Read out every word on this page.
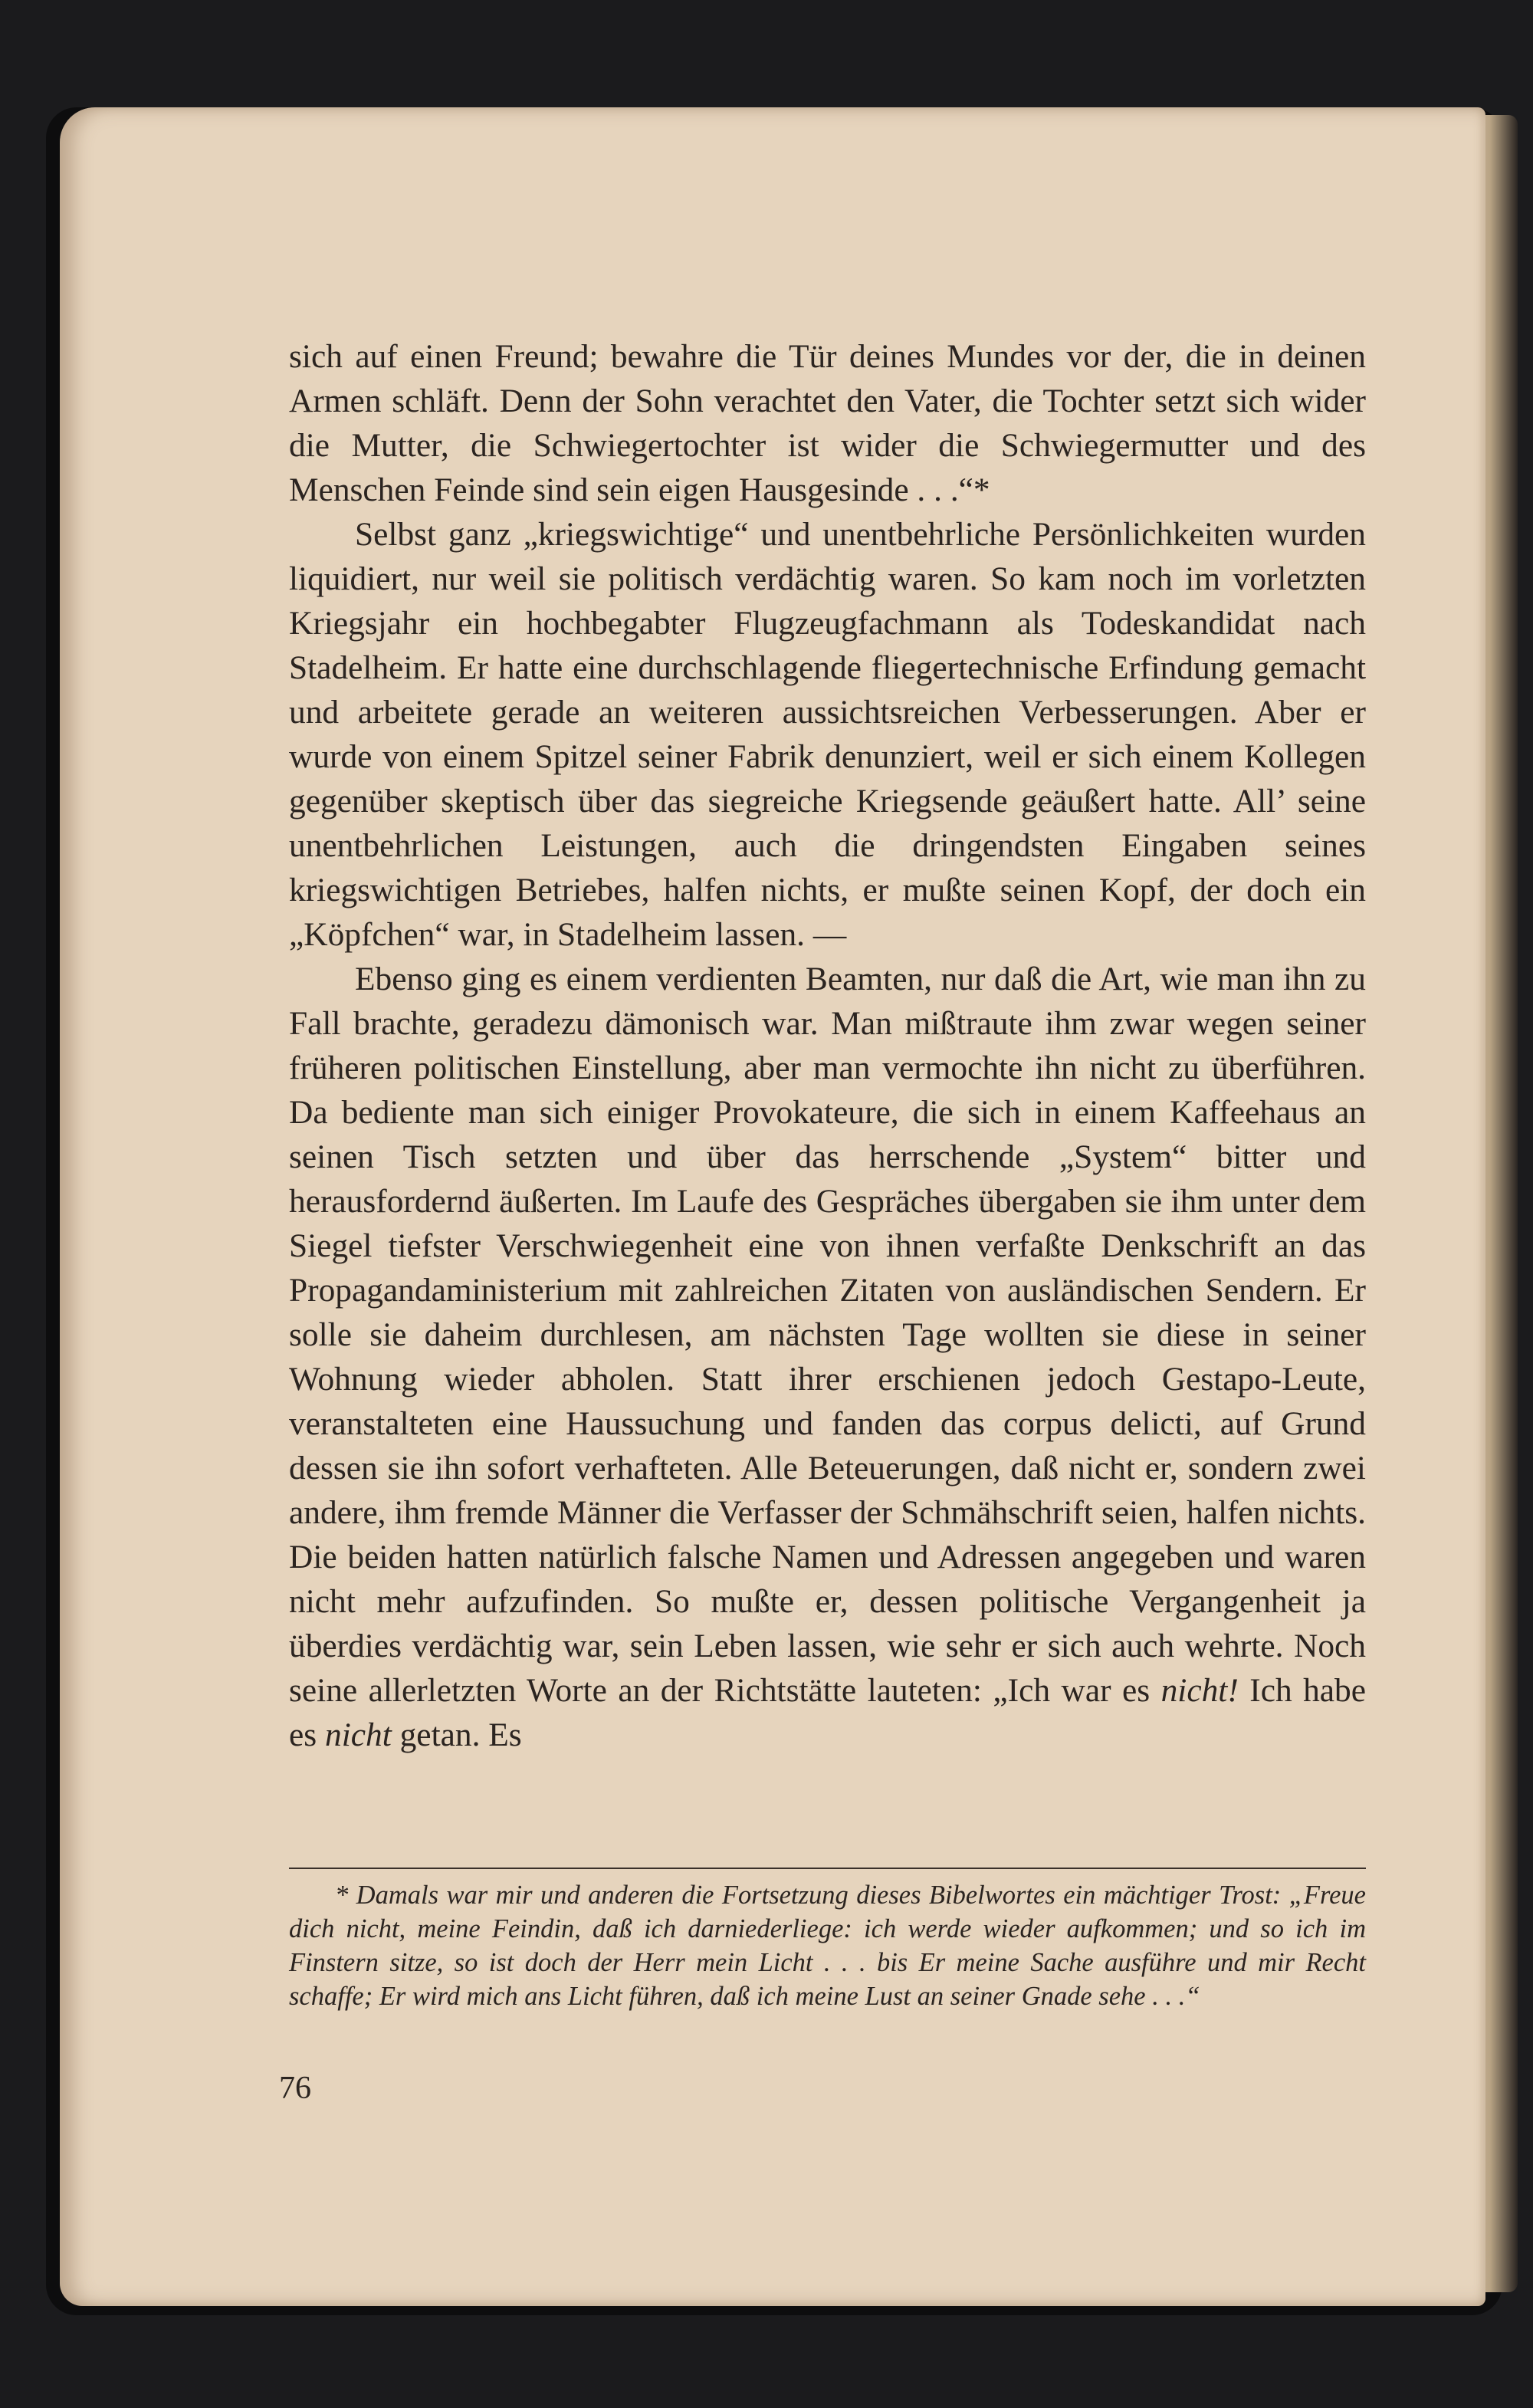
sich auf einen Freund; bewahre die Tür deines Mundes vor der, die in deinen Armen schläft. Denn der Sohn verachtet den Vater, die Tochter setzt sich wider die Mutter, die Schwiegertochter ist wider die Schwiegermutter und des Menschen Feinde sind sein eigen Hausgesinde . . .“*

Selbst ganz „kriegswichtige“ und unentbehrliche Persönlichkeiten wurden liquidiert, nur weil sie politisch verdächtig waren. So kam noch im vorletzten Kriegsjahr ein hochbegabter Flugzeugfachmann als Todeskandidat nach Stadelheim. Er hatte eine durchschlagende fliegertechnische Erfindung gemacht und arbeitete gerade an weiteren aussichtsreichen Verbesserungen. Aber er wurde von einem Spitzel seiner Fabrik denunziert, weil er sich einem Kollegen gegenüber skeptisch über das siegreiche Kriegsende geäußert hatte. All’ seine unentbehrlichen Leistungen, auch die dringendsten Eingaben seines kriegswichtigen Betriebes, halfen nichts, er mußte seinen Kopf, der doch ein „Köpfchen“ war, in Stadelheim lassen. —

Ebenso ging es einem verdienten Beamten, nur daß die Art, wie man ihn zu Fall brachte, geradezu dämonisch war. Man mißtraute ihm zwar wegen seiner früheren politischen Einstellung, aber man vermochte ihn nicht zu überführen. Da bediente man sich einiger Provokateure, die sich in einem Kaffeehaus an seinen Tisch setzten und über das herrschende „System“ bitter und herausfordernd äußerten. Im Laufe des Gespräches übergaben sie ihm unter dem Siegel tiefster Verschwiegenheit eine von ihnen verfaßte Denkschrift an das Propagandaministerium mit zahlreichen Zitaten von ausländischen Sendern. Er solle sie daheim durchlesen, am nächsten Tage wollten sie diese in seiner Wohnung wieder abholen. Statt ihrer erschienen jedoch Gestapo-Leute, veranstalteten eine Haussuchung und fanden das corpus delicti, auf Grund dessen sie ihn sofort verhafteten. Alle Beteuerungen, daß nicht er, sondern zwei andere, ihm fremde Männer die Verfasser der Schmähschrift seien, halfen nichts. Die beiden hatten natürlich falsche Namen und Adressen angegeben und waren nicht mehr aufzufinden. So mußte er, dessen politische Vergangenheit ja überdies verdächtig war, sein Leben lassen, wie sehr er sich auch wehrte. Noch seine allerletzten Worte an der Richtstätte lauteten: „Ich war es nicht! Ich habe es nicht getan. Es

* Damals war mir und anderen die Fortsetzung dieses Bibelwortes ein mächtiger Trost: „Freue dich nicht, meine Feindin, daß ich darniederliege: ich werde wieder aufkommen; und so ich im Finstern sitze, so ist doch der Herr mein Licht . . . bis Er meine Sache ausführe und mir Recht schaffe; Er wird mich ans Licht führen, daß ich meine Lust an seiner Gnade sehe . . .“

76
